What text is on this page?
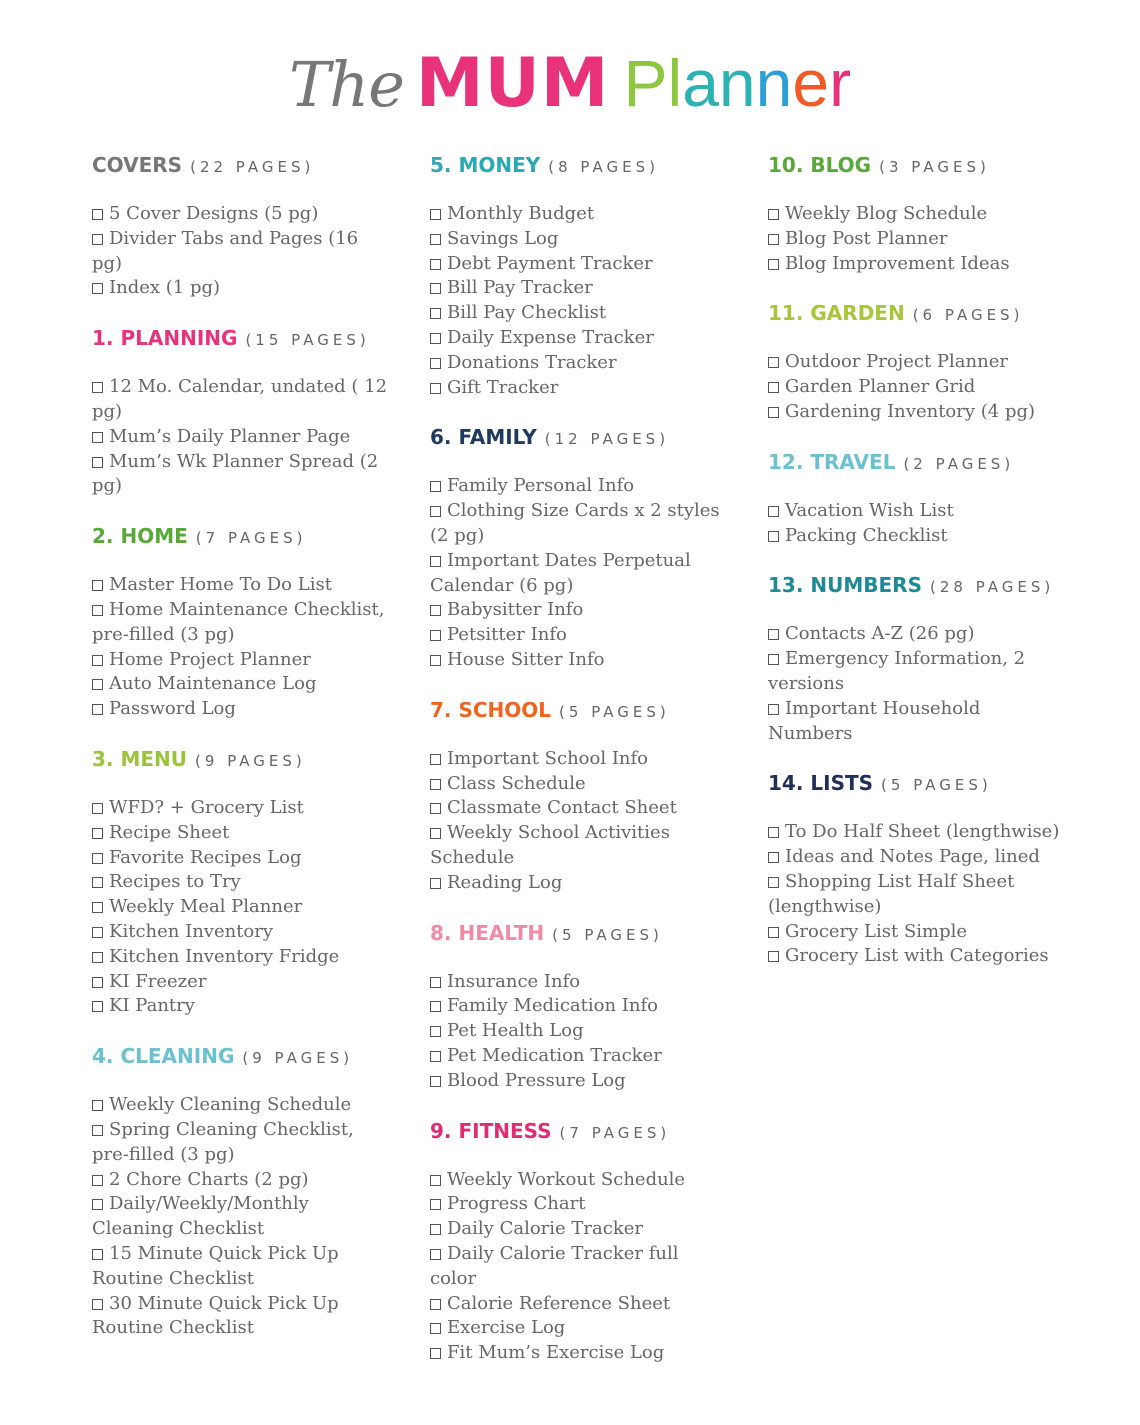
The MUM Planner
COVERS (22 PAGES)
5 Cover Designs (5 pg)
Divider Tabs and Pages (16 pg)
Index (1 pg)
1. PLANNING (15 PAGES)
12 Mo. Calendar, undated ( 12 pg)
Mum’s Daily Planner Page
Mum’s Wk Planner Spread (2 pg)
2. HOME (7 PAGES)
Master Home To Do List
Home Maintenance Checklist, pre-filled (3 pg)
Home Project Planner
Auto Maintenance Log
Password Log
3. MENU (9 PAGES)
WFD? + Grocery List
Recipe Sheet
Favorite Recipes Log
Recipes to Try
Weekly Meal Planner
Kitchen Inventory
Kitchen Inventory Fridge
KI Freezer
KI Pantry
4. CLEANING (9 PAGES)
Weekly Cleaning Schedule
Spring Cleaning Checklist, pre-filled (3 pg)
2 Chore Charts (2 pg)
Daily/Weekly/Monthly Cleaning Checklist
15 Minute Quick Pick Up Routine Checklist
30 Minute Quick Pick Up Routine Checklist
5. MONEY (8 PAGES)
Monthly Budget
Savings Log
Debt Payment Tracker
Bill Pay Tracker
Bill Pay Checklist
Daily Expense Tracker
Donations Tracker
Gift Tracker
6. FAMILY (12 PAGES)
Family Personal Info
Clothing Size Cards x 2 styles (2 pg)
Important Dates Perpetual Calendar (6 pg)
Babysitter Info
Petsitter Info
House Sitter Info
7. SCHOOL (5 PAGES)
Important School Info
Class Schedule
Classmate Contact Sheet
Weekly School Activities Schedule
Reading Log
8. HEALTH (5 PAGES)
Insurance Info
Family Medication Info
Pet Health Log
Pet Medication Tracker
Blood Pressure Log
9. FITNESS (7 PAGES)
Weekly Workout Schedule
Progress Chart
Daily Calorie Tracker
Daily Calorie Tracker full color
Calorie Reference Sheet
Exercise Log
Fit Mum’s Exercise Log
10. BLOG (3 PAGES)
Weekly Blog Schedule
Blog Post Planner
Blog Improvement Ideas
11. GARDEN (6 PAGES)
Outdoor Project Planner
Garden Planner Grid
Gardening Inventory (4 pg)
12. TRAVEL (2 PAGES)
Vacation Wish List
Packing Checklist
13. NUMBERS (28 PAGES)
Contacts A-Z (26 pg)
Emergency Information, 2 versions
Important Household Numbers
14. LISTS (5 PAGES)
To Do Half Sheet (lengthwise)
Ideas and Notes Page, lined
Shopping List Half Sheet (lengthwise)
Grocery List Simple
Grocery List with Categories
